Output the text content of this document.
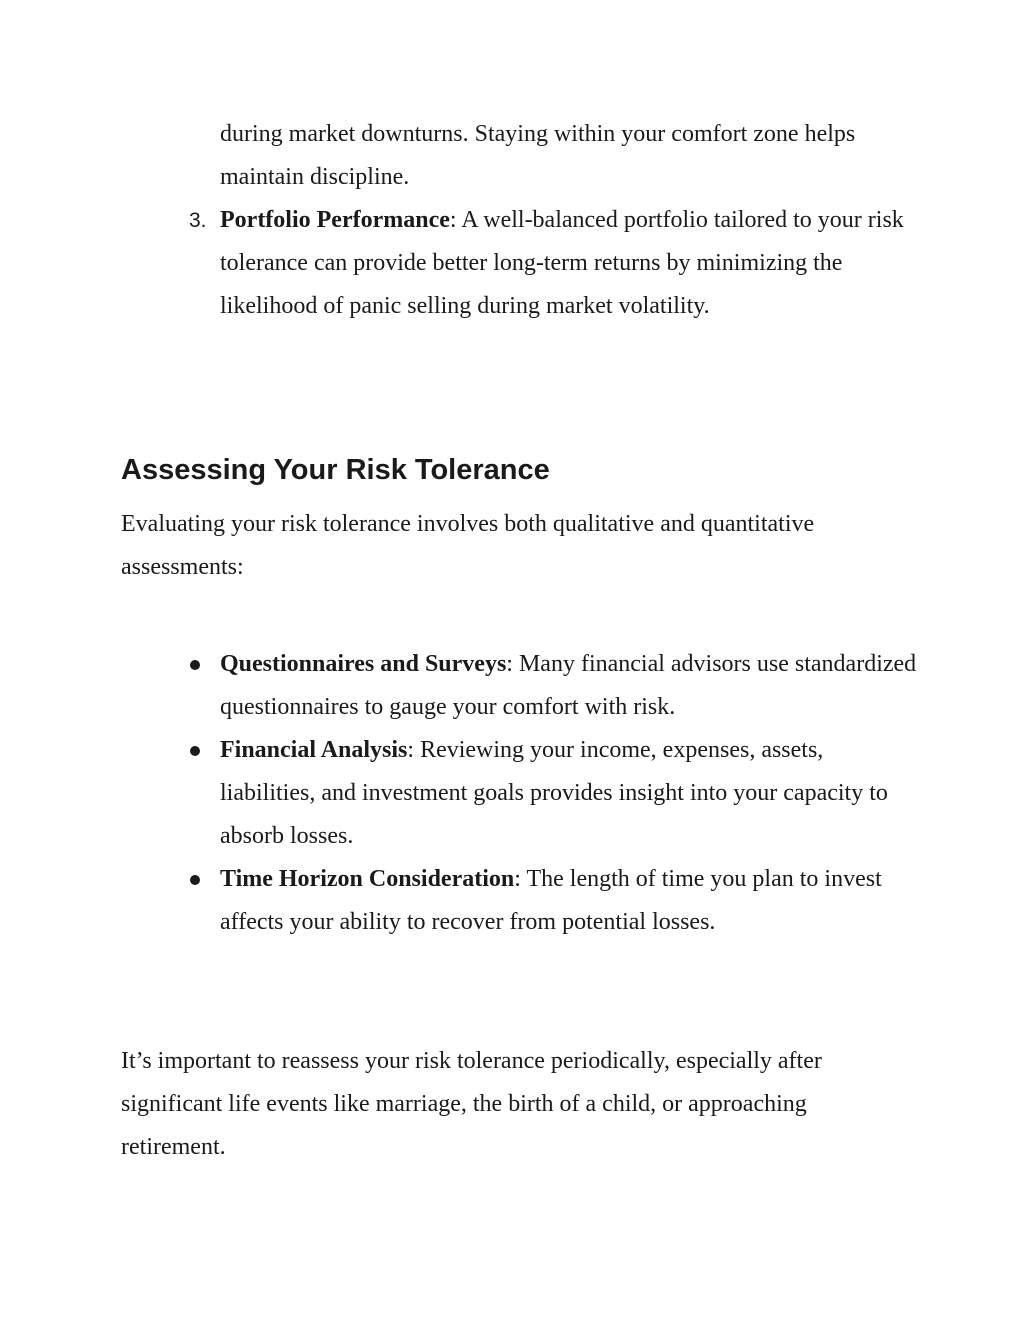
during market downturns. Staying within your comfort zone helps maintain discipline.
3. Portfolio Performance: A well-balanced portfolio tailored to your risk tolerance can provide better long-term returns by minimizing the likelihood of panic selling during market volatility.
Assessing Your Risk Tolerance

Evaluating your risk tolerance involves both qualitative and quantitative assessments:

Questionnaires and Surveys: Many financial advisors use standardized questionnaires to gauge your comfort with risk.
Financial Analysis: Reviewing your income, expenses, assets, liabilities, and investment goals provides insight into your capacity to absorb losses.
Time Horizon Consideration: The length of time you plan to invest affects your ability to recover from potential losses.

It’s important to reassess your risk tolerance periodically, especially after significant life events like marriage, the birth of a child, or approaching retirement.
